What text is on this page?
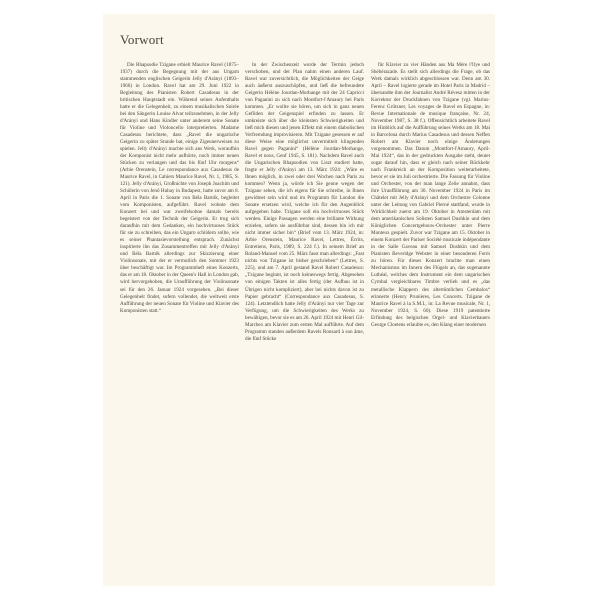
Vorwort

Die Rhapsodie Tzigane erhielt Maurice Ravel (1875–1937) durch die Begegnung mit der aus Ungarn stammenden englischen Geigerin Jelly d'Arányi (1893–1966) in London. Ravel hat am 29. Juni 1922 in Begleitung des Pianisten Robert Casadesus in der britischen Hauptstadt ein. Während seines Aufenthalts hatte er die Gelegenheit, zu einem musikalischen Soirée bei den Sängerin Louise Alvar teilzunehmen, in der Jelly d'Arányi und Hans Kindler unter anderem seine Sonate für Violine und Violoncello interpretierten. Madame Casadesus berichtete, dass „Ravel die ungarische Geigerin zu später Stunde bat, einige Zigeunerweisen zu spielen. Jelly d'Arányi machte sich ans Werk, woraufhin der Komponist nicht mehr aufhörte, noch immer neuen Stücken zu verlangen und das bis fünf Uhr morgens“ (Arbie Orenstein, Le correspondance aux Casadesus de Maurice Ravel, in Cahiers Maurice Ravel, Nr. 1, 1985, S. 121). Jelly d'Arányi, Großnichte von Joseph Joachim und Schülerin von Jenő Hubay in Budapest, hatte zuvor am 8. April in Paris die 1. Sonate von Béla Bartók, begleitet vom Komponisten, aufgeführt. Ravel wohnte dem Konzert bei und war zweifelsohne damals bereits begeistert von der Technik der Geigerin. Er trug sich daraufhin mit dem Gedanken, ein hochvirtuoses Stück für sie zu schreiben, das ein Ungarn schildern sollte, wie es seiner Phantasievorstellung entsprach. Zunächst inspirierte ihn das Zusammentreffen mit Jelly d'Arányi und Béla Bartók allerdings zur Skizzierung einer Violinsonate, mit der er vermutlich den Sommer 1923 über beschäftigt war. Im Programmheft eines Konzerts, das er am 18. Oktober in der Queen's Hall in London gab, wird hervorgehoben, die Uraufführung der Violinsonate sei für den 26. Januar 1924 vorgesehen. „Bei dieser Gelegenheit findet, sofern vollendet, die weltweit erste Aufführung der neuen Sonate für Violine und Klavier des Komponisten statt.“

In der Zwischenzeit wurde der Termin jedoch verschoben, und der Plan nahm einen anderen Lauf. Ravel war zuversichtlich, die Möglichkeiten der Geige auch äußerst auszuschöpfen, und ließ die befreundete Geigerin Hélène Jourdan-Morhange mit der 24 Capricci von Paganini zu sich nach Montfort-l'Amaury bei Paris kommen. „Er wollte sie hören, um sich in ganz neuen Gefilden der Geigenspiel erfinden zu lassen. Er umkreiste sich über die kleinsten Schwierigkeiten und ließ mich diesen und jenen Effekt mit einem diabolischen Verfremdung improvisieren. Mit Tzigane gesessen er auf diese Weise eine möglichst unvermittelt klingenden Ravel gegen Paganini“ (Hélène Jourdan-Morhange, Ravel et nous, Genf 1945, S. 181). Nachdem Ravel auch die Ungarischen Rhapsodien von Liszt studiert hatte, fragte er Jelly d'Arányi am 13. März 1924: „Wäre es Ihnen möglich, in zwei oder drei Wochen nach Paris zu kommen? Wenn ja, würde ich Sie genne wegen der Tzigane sehen, die ich eigens für Sie schreibe, in Ihnen gewidmet sein wird und im Programm für London die Sonate ersetzen wird, welche ich für den Augenblick aufgegeben habe. Tzigane soll ein hochvirtuoses Stück werden. Einige Passagen werden eine brillante Wirkung erzielen, sofern sie ausführbar sind, dessen bin ich mir nicht immer sicher bin“ (Brief vom 13. März 1924, in: Arbie Orenstein, Maurice Ravel, Lettres, Écrits, Entretiens, Paris, 1989, S. 224 f.). In seinem Brief an Roland-Manuel vom 25. März fasst man allerdings: „Fast nichts von Tzigane ist bisher geschrieben“ (Lettres, S. 225), und am 7. April gestand Ravel Robert Casadesus: „Tzigane beginnt, ist noch keineswegs fertig. Abgesehen von einigen Takten ist alles fertig (der Aufbau ist in Übrigen nicht kompliziert), aber bei nichts davon ist zu Papier gebracht“ (Correspondance aux Casadesus, S. 124). Letztendlich hatte Jelly d'Arányi nur vier Tage zur Verfügung, um die Schwierigkeiten des Werks zu bewältigen, bevor sie es am 26. April 1924 mit Henri Gil-Marchex am Klavier zum ersten Mal aufführte. Auf dem Programm standen außerdem Ravels Ronsard à son âme, die fünf Stücke

für Klavier zu vier Händen aus Ma Mère l'Oye und Shéhérazade. Es stellt sich allerdings die Frage, ob das Werk damals wirklich abgeschlossen war. Denn am 30. April – Ravel logierte gerade im Hotel Paris in Madrid – übersandte ihm der Journalist André Révesz mitten in der Korrektur der Druckfahnen von Tzigane (vgl. Marius-Ferenc Grützner, Les voyages de Ravel en Espagne, in: Revue Internationale de musique française, Nr. 24, November 1987, S. 38 f.). Offensichtlich arbeitete Ravel im Hinblick auf die Aufführung seines Werks am 18. Mai in Barcelona durch Marius Casadesus und dessen Neffen Robert am Klavier noch einige Änderungen vorgenommen. Das Datum „Montfort-l'Amaury, April-Mai 1924“, das in der gedruckten Ausgabe steht, deutet sogar darauf hin, dass er gleich nach seiner Rückkehr nach Frankreich an der Komposition weiterarbeitete, bevor er sie im Juli orchestrierte. Die Fassung für Violine und Orchester, von der man lange Zeile annahm, dass ihre Uraufführung am 30. November 1924 in Paris im Châtelet mit Jelly d'Arányi und dem Orchestre Colonne unter der Leitung von Gabriel Pierné stattfand, wurde in Wirklichkeit zuerst am 19. Oktober in Amsterdam mit dem amerikanischen Solisten Samuel Dushkin und dem Königlichen Concertgebouw-Orchester unter Pierre Monteux gespielt. Zuvor war Tzigane am 15. Oktober in einem Konzert der Pariser Société musicale indépendante in der Salle Gaveau mit Samuel Dushkin und dem Pianisten Beveridge Webster in einer besonderen Form zu hören. Für dieses Konzert brachte man einen Mechanismus im Innern des Flügels an, das sogenannte Luthéal, welches dem Instrument ein dem ungarischen Cymbal vergleichbares Timbre verlieh und es „das metallische Klappern des altertümlichen Cembalos“ erinnerte (Henry Prunières, Les Concerts. Tzigane de Maurice Ravel à la S.M.I., in: La Revue musicale, Nr. 1, November 1924, S. 60). Diese 1919 patentierte Erfindung des belgischen Orgel- und Klavierbauers George Cloetens erlaubte es, den Klang einer modernen
